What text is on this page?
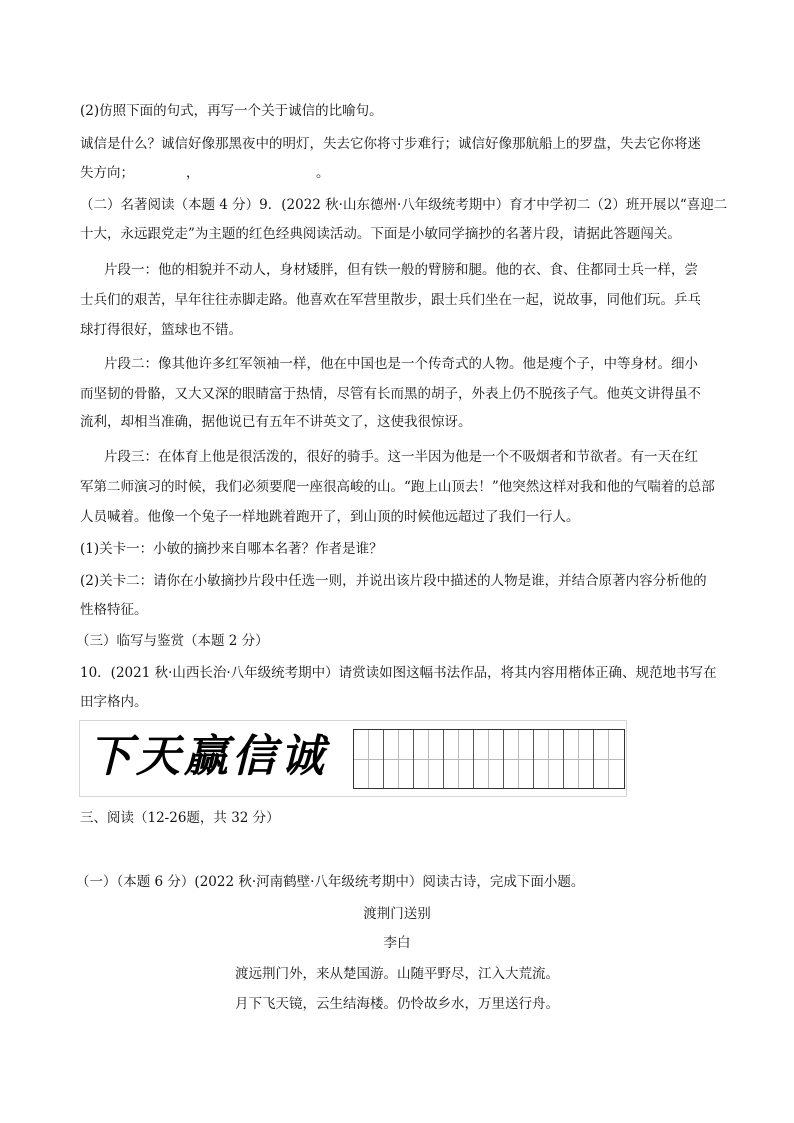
(2)仿照下面的句式，再写一个关于诚信的比喻句。
诚信是什么？诚信好像那黑夜中的明灯，失去它你将寸步难行；诚信好像那航船上的罗盘，失去它你将迷
失方向；	，	。
（二）名著阅读（本题 4 分）9．(2022 秋·山东德州·八年级统考期中）育才中学初二（2）班开展以“喜迎二
十大，永远跟党走”为主题的红色经典阅读活动。下面是小敏同学摘抄的名著片段，请据此答题闯关。
片段一：他的相貌并不动人，身材矮胖，但有铁一般的臂膀和腿。他的衣、食、住都同士兵一样，尝
士兵们的艰苦，早年往往赤脚走路。他喜欢在军营里散步，跟士兵们坐在一起，说故事，同他们玩。乒乓
球打得很好，篮球也不错。
片段二：像其他许多红军领袖一样，他在中国也是一个传奇式的人物。他是瘦个子，中等身材。细小
而坚韧的骨骼，又大又深的眼睛富于热情，尽管有长而黑的胡子，外表上仍不脱孩子气。他英文讲得虽不
流利，却相当准确，据他说已有五年不讲英文了，这使我很惊讶。
片段三：在体育上他是很活泼的，很好的骑手。这一半因为他是一个不吸烟者和节欲者。有一天在红
军第二师演习的时候，我们必须要爬一座很高峻的山。“跑上山顶去！”他突然这样对我和他的气喘着的总部
人员喊着。他像一个兔子一样地跳着跑开了，到山顶的时候他远超过了我们一行人。
(1)关卡一：小敏的摘抄来自哪本名著？作者是谁？
(2)关卡二：请你在小敏摘抄片段中任选一则，并说出该片段中描述的人物是谁，并结合原著内容分析他的
性格特征。
（三）临写与鉴赏（本题 2 分）
10．(2021 秋·山西长治·八年级统考期中）请赏读如图这幅书法作品，将其内容用楷体正确、规范地书写在
田字格内。
下天赢信诚
三、阅读（12-26题，共 32 分）
（一）（本题 6 分）(2022 秋·河南鹤壁·八年级统考期中）阅读古诗，完成下面小题。
渡荆门送别
李白
渡远荆门外，来从楚国游。山随平野尽，江入大荒流。
月下飞天镜，云生结海楼。仍怜故乡水，万里送行舟。
